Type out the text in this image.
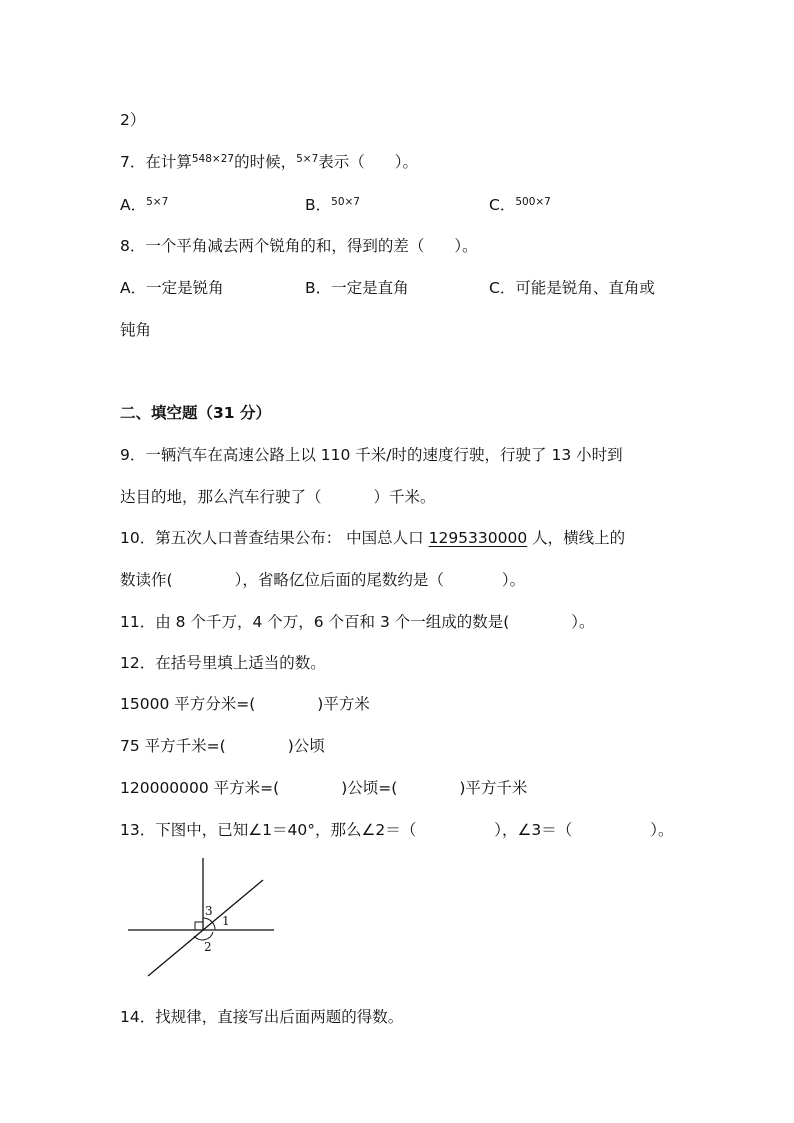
2）
7．在计算$^{548\times 27}$的时候，$^{5\times 7}$表示（ ）。
A．$^{5\times 7}$	B．$^{50\times 7}$	C．$^{500\times 7}$
8．一个平角减去两个锐角的和，得到的差（ ）。
A．一定是锐角	B．一定是直角	C．可能是锐角、直角或
钝角
二、填空题（31 分）
9．一辆汽车在高速公路上以 110 千米/时的速度行驶，行驶了 13 小时到
达目的地，那么汽车行驶了（	）千米。
10．第五次人口普查结果公布： 中国总人口 1295330000 人，横线上的
数读作(	），省略亿位后面的尾数约是（	）。
11．由 8 个千万，4 个万，6 个百和 3 个一组成的数是(	）。
12．在括号里填上适当的数。
15000 平方分米=(	)平方米
75 平方千米=(	)公顷
120000000 平方米=(	)公顷=(	)平方千米
13．下图中，已知∠1＝40°，那么∠2＝（	），∠3＝（	）。
1
3
2
14．找规律，直接写出后面两题的得数。
